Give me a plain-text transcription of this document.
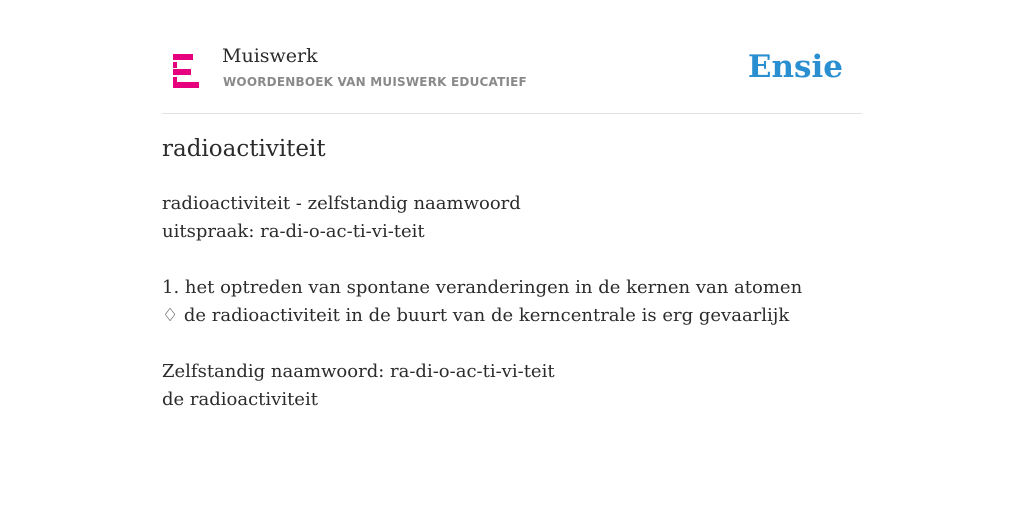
Muiswerk
WOORDENBOEK VAN MUISWERK EDUCATIEF	Ensie
radioactiviteit
radioactiviteit - zelfstandig naamwoord
uitspraak: ra-di-o-ac-ti-vi-teit
1. het optreden van spontane veranderingen in de kernen van atomen
♢ de radioactiviteit in de buurt van de kerncentrale is erg gevaarlijk
Zelfstandig naamwoord: ra-di-o-ac-ti-vi-teit
de radioactiviteit
